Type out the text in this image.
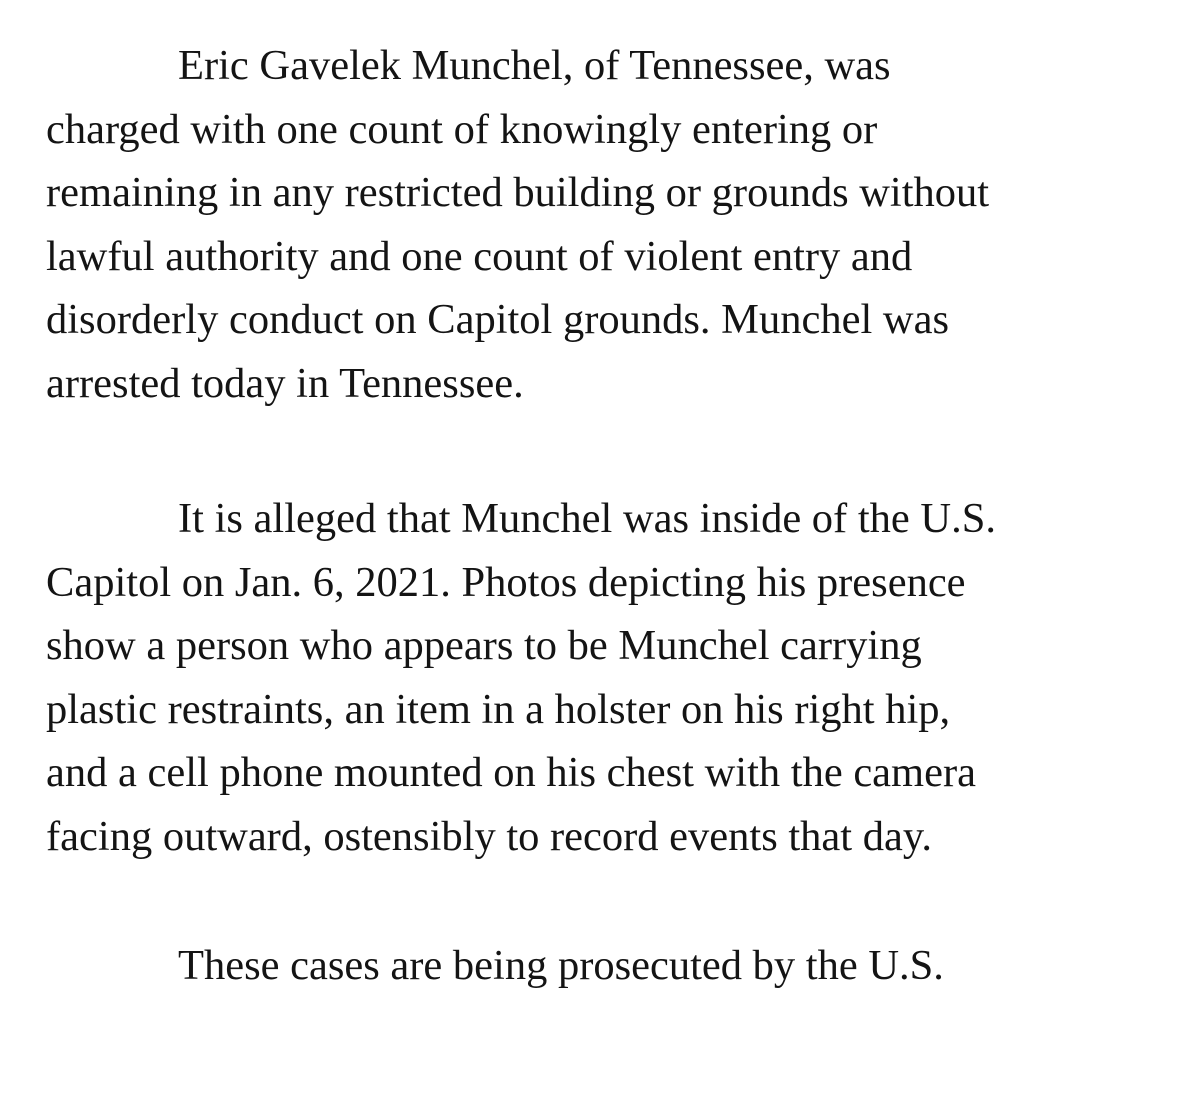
Eric Gavelek Munchel, of Tennessee, was
charged with one count of knowingly entering or
remaining in any restricted building or grounds without
lawful authority and one count of violent entry and
disorderly conduct on Capitol grounds. Munchel was
arrested today in Tennessee.

It is alleged that Munchel was inside of the U.S.
Capitol on Jan. 6, 2021. Photos depicting his presence
show a person who appears to be Munchel carrying
plastic restraints, an item in a holster on his right hip,
and a cell phone mounted on his chest with the camera
facing outward, ostensibly to record events that day.

These cases are being prosecuted by the U.S.
